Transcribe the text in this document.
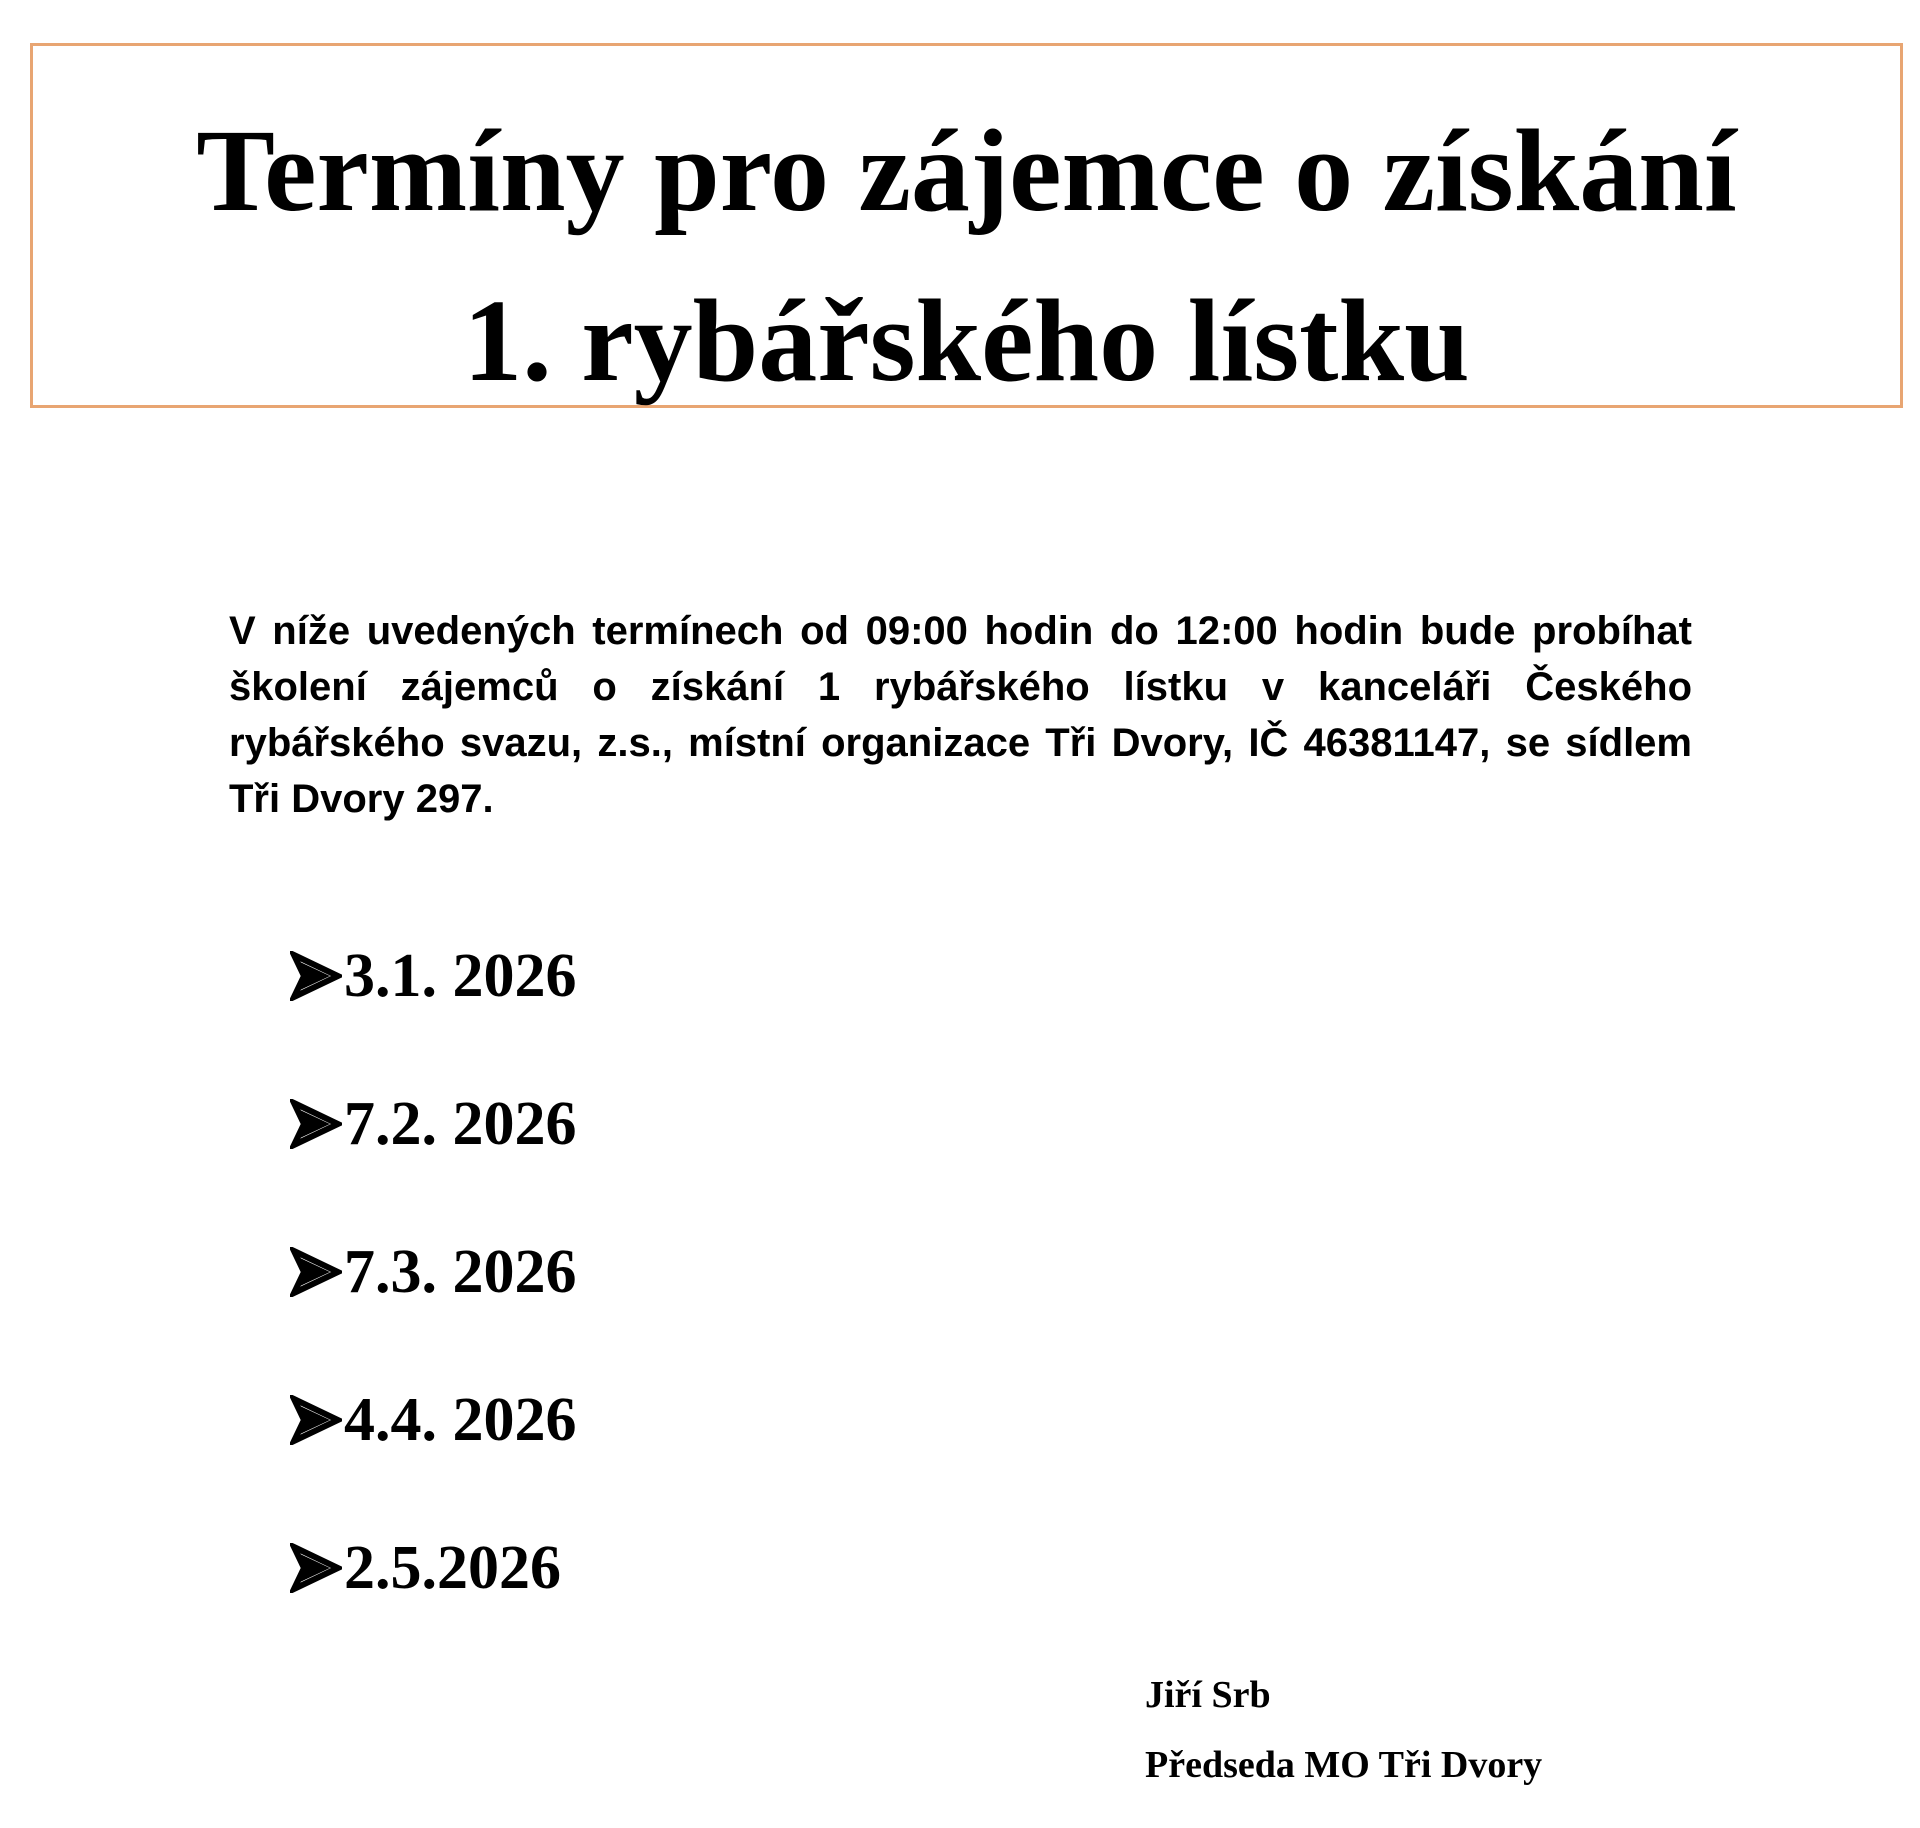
Termíny pro zájemce o získání
1. rybářského lístku

V níže uvedených termínech od 09:00 hodin do 12:00 hodin bude probíhat školení zájemců o získání 1 rybářského lístku v kanceláři Českého rybářského svazu, z.s., místní organizace Tři Dvory, IČ 46381147, se sídlem Tři Dvory 297.

3.1. 2026
7.2. 2026
7.3. 2026
4.4. 2026
2.5.2026
Jiří Srb
Předseda MO Tři Dvory
